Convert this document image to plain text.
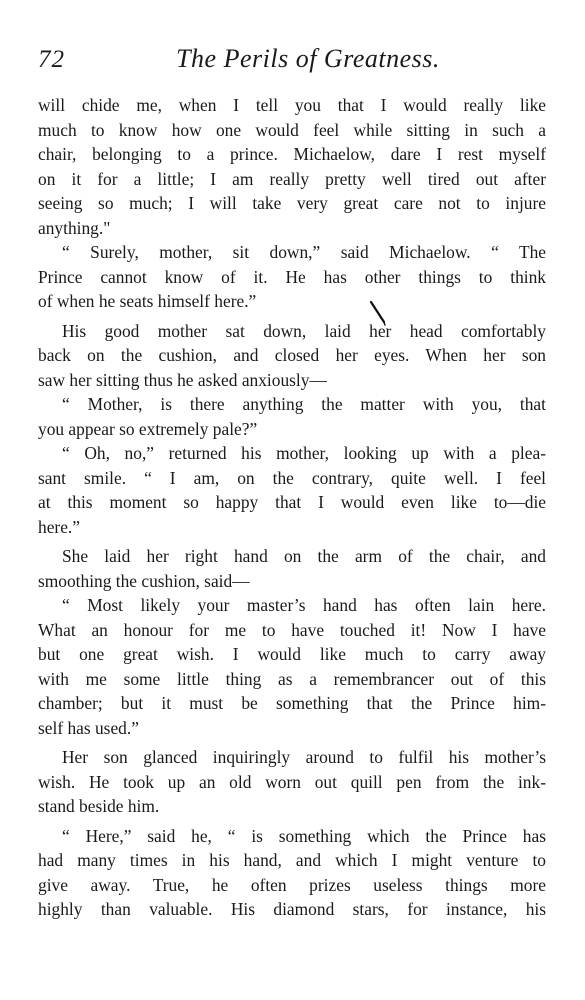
72	The Perils of Greatness.
will chide me, when I tell you that I would really like
much to know how one would feel while sitting in such a
chair, belonging to a prince. Michaelow, dare I rest myself
on it for a little; I am really pretty well tired out after
seeing so much; I will take very great care not to injure
anything."
“ Surely, mother, sit down,” said Michaelow. “ The
Prince cannot know of it. He has other things to think
of when he seats himself here.”
His good mother sat down, laid her head comfortably
back on the cushion, and closed her eyes. When her son
saw her sitting thus he asked anxiously—
“ Mother, is there anything the matter with you, that
you appear so extremely pale?”
“ Oh, no,” returned his mother, looking up with a plea-
sant smile. “ I am, on the contrary, quite well. I feel
at this moment so happy that I would even like to—die
here.”
She laid her right hand on the arm of the chair, and
smoothing the cushion, said—
“ Most likely your master’s hand has often lain here.
What an honour for me to have touched it! Now I have
but one great wish. I would like much to carry away
with me some little thing as a remembrancer out of this
chamber; but it must be something that the Prince him-
self has used.”
Her son glanced inquiringly around to fulfil his mother’s
wish. He took up an old worn out quill pen from the ink-
stand beside him.
“ Here,” said he, “ is something which the Prince has
had many times in his hand, and which I might venture to
give away. True, he often prizes useless things more
highly than valuable. His diamond stars, for instance, his
